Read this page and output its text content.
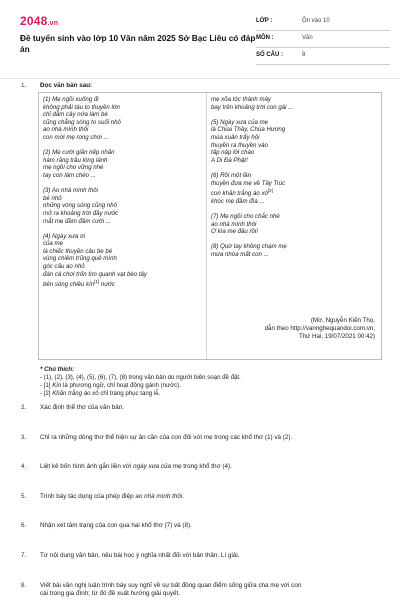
2048.vn
Đề tuyển sinh vào lớp 10 Văn năm 2025 Sở Bạc Liêu có đáp án
LỚP :	Ôn vào 10
MÔN :	Văn
SỐ CÂU :	8
1. Đọc văn bản sau:
(1) Mẹ ngồi xuống đi
không phải tàu to thuyền lớn
chỉ dăm cây nứa làm bè
cũng chẳng sóng to suối nhỏ
ao nhà mình thôi
con mời mẹ rong chơi ...
(2) Mẹ cười giãn nếp nhăn
hàm răng trầu lóng lánh
mẹ ngồi cho vững nhé
tay con làm chèo ...
(3) Ao nhà mình thôi
bé nhỏ
những vòng sóng cũng nhỏ
mở ra khoảng trời đầy nước
mắt mẹ đầm đầm cười ...
(4) Ngày xưa ơi
của mẹ
là chiếc thuyền câu be bé
vùng chiêm trũng quê mình
góc cấu ao nhỏ
đàn cá chơi trốn tìm quanh vạt bèo tây
bên sóng chiều kín[1] nước
mẹ xõa tóc thành mây
bay trên khoảng trời con gái ...
(5) Ngày xưa của mẹ
là Chùa Thầy, Chùa Hương
mùa xuân trẩy hội
thuyền ra thuyền vào
tấp nập lời chào
A Di Đà Phật!
(6) Rồi một lần
thuyền đưa mẹ về Tây Trúc
con khăn trắng áo xô[2]
khóc mẹ đầm đìa ...
(7) Mẹ ngồi cho chắc nhé
ao nhà mình thôi
Ơ kìa mẹ đâu rồi!
(8) Quờ tay không chạm mẹ
mưa nhòa mất con ...
(Mơ, Nguyễn Kiến Thọ,
dẫn theo http://vannghequandoi.com.vn,
Thứ Hai, 19/07/2021 00:42)
* Chú thích:
- (1), (2), (3), (4), (5), (6), (7), (8) trong văn bản do người biên soạn đề đặt.
- [1] Kín là phương ngữ, chỉ hoạt động gánh (nước).
- [2] Khăn trắng áo xô chỉ trang phục tang lễ.
2. Xác định thể thơ của văn bản.
3. Chỉ ra những dòng thơ thể hiện sự ân cần của con đối với mẹ trong các khổ thơ (1) và (2).
4. Liệt kê bốn hình ảnh gắn liền với ngày xưa của mẹ trong khổ thơ (4).
5. Trình bày tác dụng của phép điệp ao nhà mình thôi.
6. Nhận xét tâm trạng của con qua hai khổ thơ (7) và (8).
7. Từ nội dung văn bản, nêu bài học ý nghĩa nhất đối với bản thân. Lí giải.
8. Viết bài văn nghị luận trình bày suy nghĩ về sự bất đồng quan điểm sống giữa cha mẹ với con
cái trong gia đình; từ đó đề xuất hướng giải quyết.
